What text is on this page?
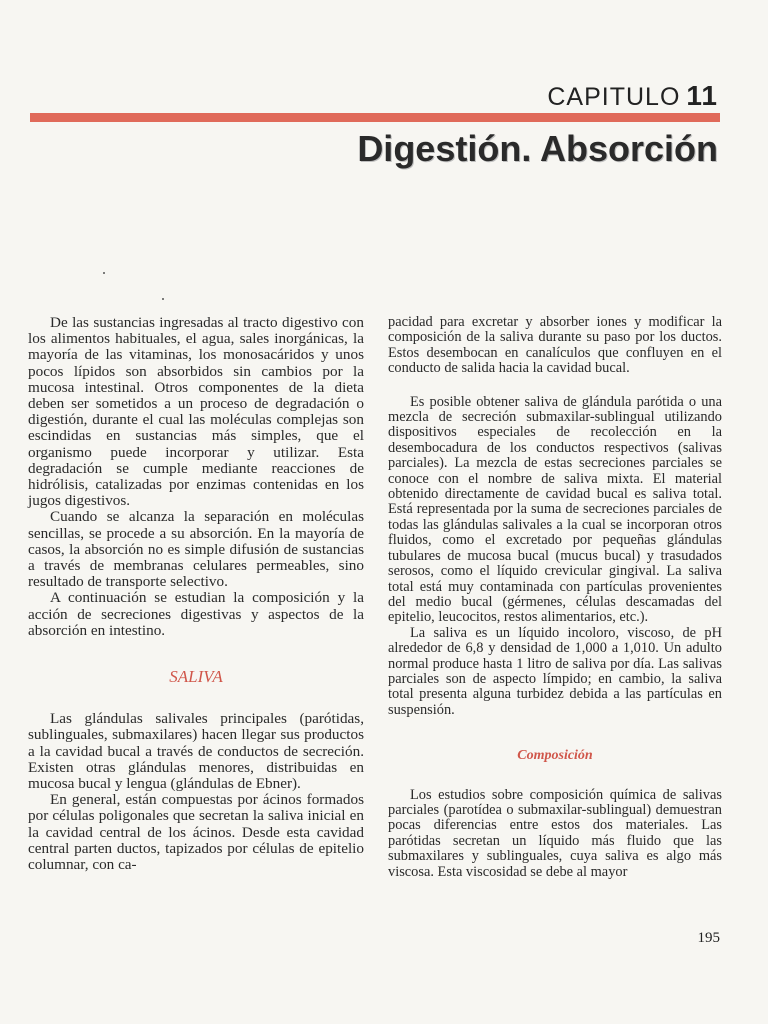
CAPITULO 11
Digestión. Absorción

De las sustancias ingresadas al tracto digestivo con los alimentos habituales, el agua, sales inorgánicas, la mayoría de las vitaminas, los monosacáridos y unos pocos lípidos son absorbidos sin cambios por la mucosa intestinal. Otros componentes de la dieta deben ser sometidos a un proceso de degradación o digestión, durante el cual las moléculas complejas son escindidas en sustancias más simples, que el organismo puede incorporar y utilizar. Esta degradación se cumple mediante reacciones de hidrólisis, catalizadas por enzimas contenidas en los jugos digestivos.

Cuando se alcanza la separación en moléculas sencillas, se procede a su absorción. En la mayoría de casos, la absorción no es simple difusión de sustancias a través de membranas celulares permeables, sino resultado de transporte selectivo.

A continuación se estudian la composición y la acción de secreciones digestivas y aspectos de la absorción en intestino.

SALIVA

Las glándulas salivales principales (parótidas, sublinguales, submaxilares) hacen llegar sus productos a la cavidad bucal a través de conductos de secreción. Existen otras glándulas menores, distribuidas en mucosa bucal y lengua (glándulas de Ebner).

En general, están compuestas por ácinos formados por células poligonales que secretan la saliva inicial en la cavidad central de los ácinos. Desde esta cavidad central parten ductos, tapizados por células de epitelio columnar, con ca-

pacidad para excretar y absorber iones y modificar la composición de la saliva durante su paso por los ductos. Estos desembocan en canalículos que confluyen en el conducto de salida hacia la cavidad bucal.

Es posible obtener saliva de glándula parótida o una mezcla de secreción submaxilar-sublingual utilizando dispositivos especiales de recolección en la desembocadura de los conductos respectivos (salivas parciales). La mezcla de estas secreciones parciales se conoce con el nombre de saliva mixta. El material obtenido directamente de cavidad bucal es saliva total. Está representada por la suma de secreciones parciales de todas las glándulas salivales a la cual se incorporan otros fluidos, como el excretado por pequeñas glándulas tubulares de mucosa bucal (mucus bucal) y trasudados serosos, como el líquido crevicular gingival. La saliva total está muy contaminada con partículas provenientes del medio bucal (gérmenes, células descamadas del epitelio, leucocitos, restos alimentarios, etc.).

La saliva es un líquido incoloro, viscoso, de pH alrededor de 6,8 y densidad de 1,000 a 1,010. Un adulto normal produce hasta 1 litro de saliva por día. Las salivas parciales son de aspecto límpido; en cambio, la saliva total presenta alguna turbidez debida a las partículas en suspensión.

Composición

Los estudios sobre composición química de salivas parciales (parotídea o submaxilar-sublingual) demuestran pocas diferencias entre estos dos materiales. Las parótidas secretan un líquido más fluido que las submaxilares y sublinguales, cuya saliva es algo más viscosa. Esta viscosidad se debe al mayor

195
